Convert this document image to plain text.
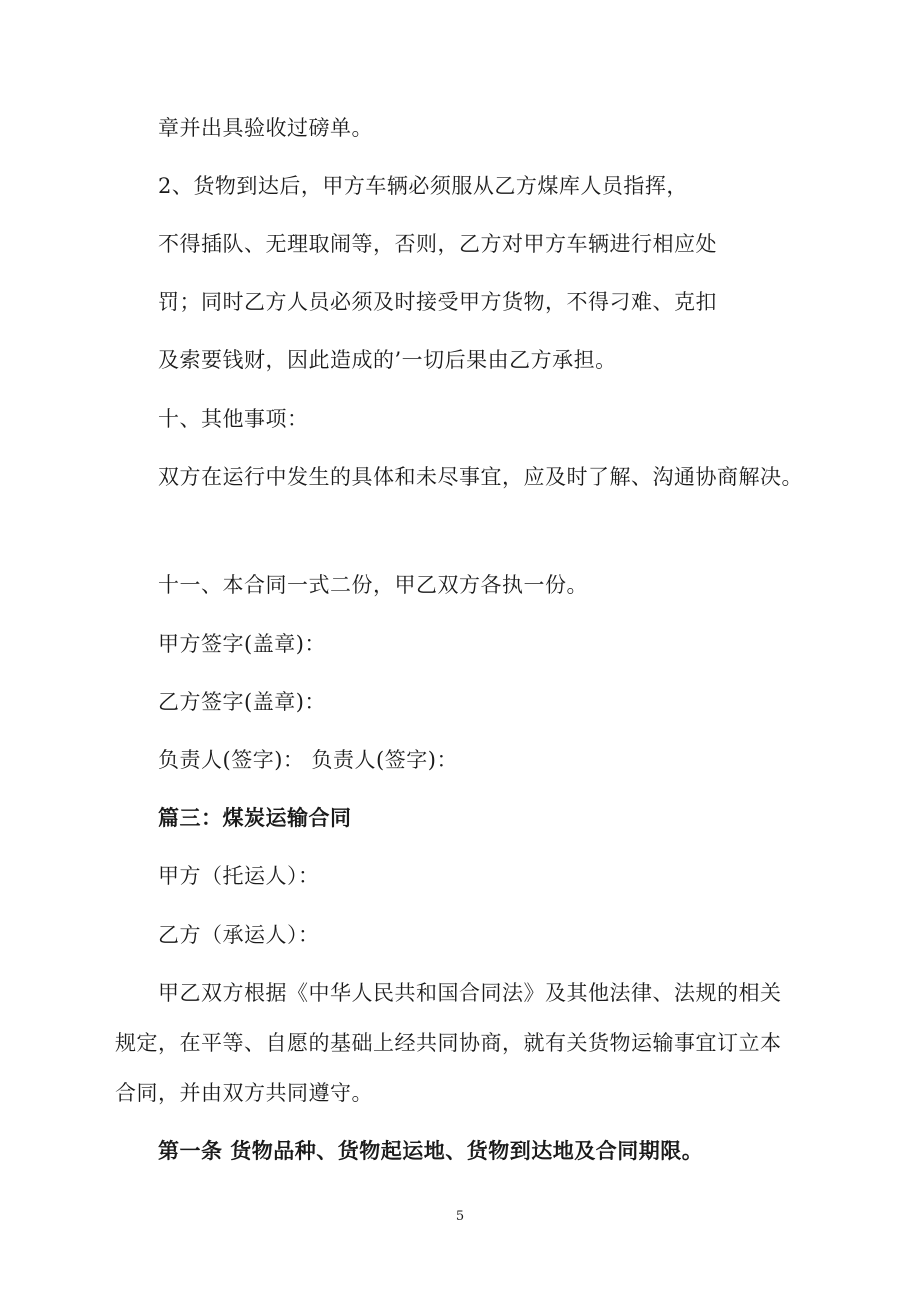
章并出具验收过磅单。
2、货物到达后，甲方车辆必须服从乙方煤库人员指挥，
不得插队、无理取闹等，否则，乙方对甲方车辆进行相应处
罚；同时乙方人员必须及时接受甲方货物，不得刁难、克扣
及索要钱财，因此造成的’一切后果由乙方承担。
十、其他事项：
双方在运行中发生的具体和未尽事宜，应及时了解、沟通协商解决。
十一、本合同一式二份，甲乙双方各执一份。
甲方签字(盖章)：
乙方签字(盖章)：
负责人(签字)： 负责人(签字)：
篇三：煤炭运输合同
甲方（托运人）：
乙方（承运人）：
甲乙双方根据《中华人民共和国合同法》及其他法律、法规的相关
规定，在平等、自愿的基础上经共同协商，就有关货物运输事宜订立本
合同，并由双方共同遵守。
第一条 货物品种、货物起运地、货物到达地及合同期限。
5
